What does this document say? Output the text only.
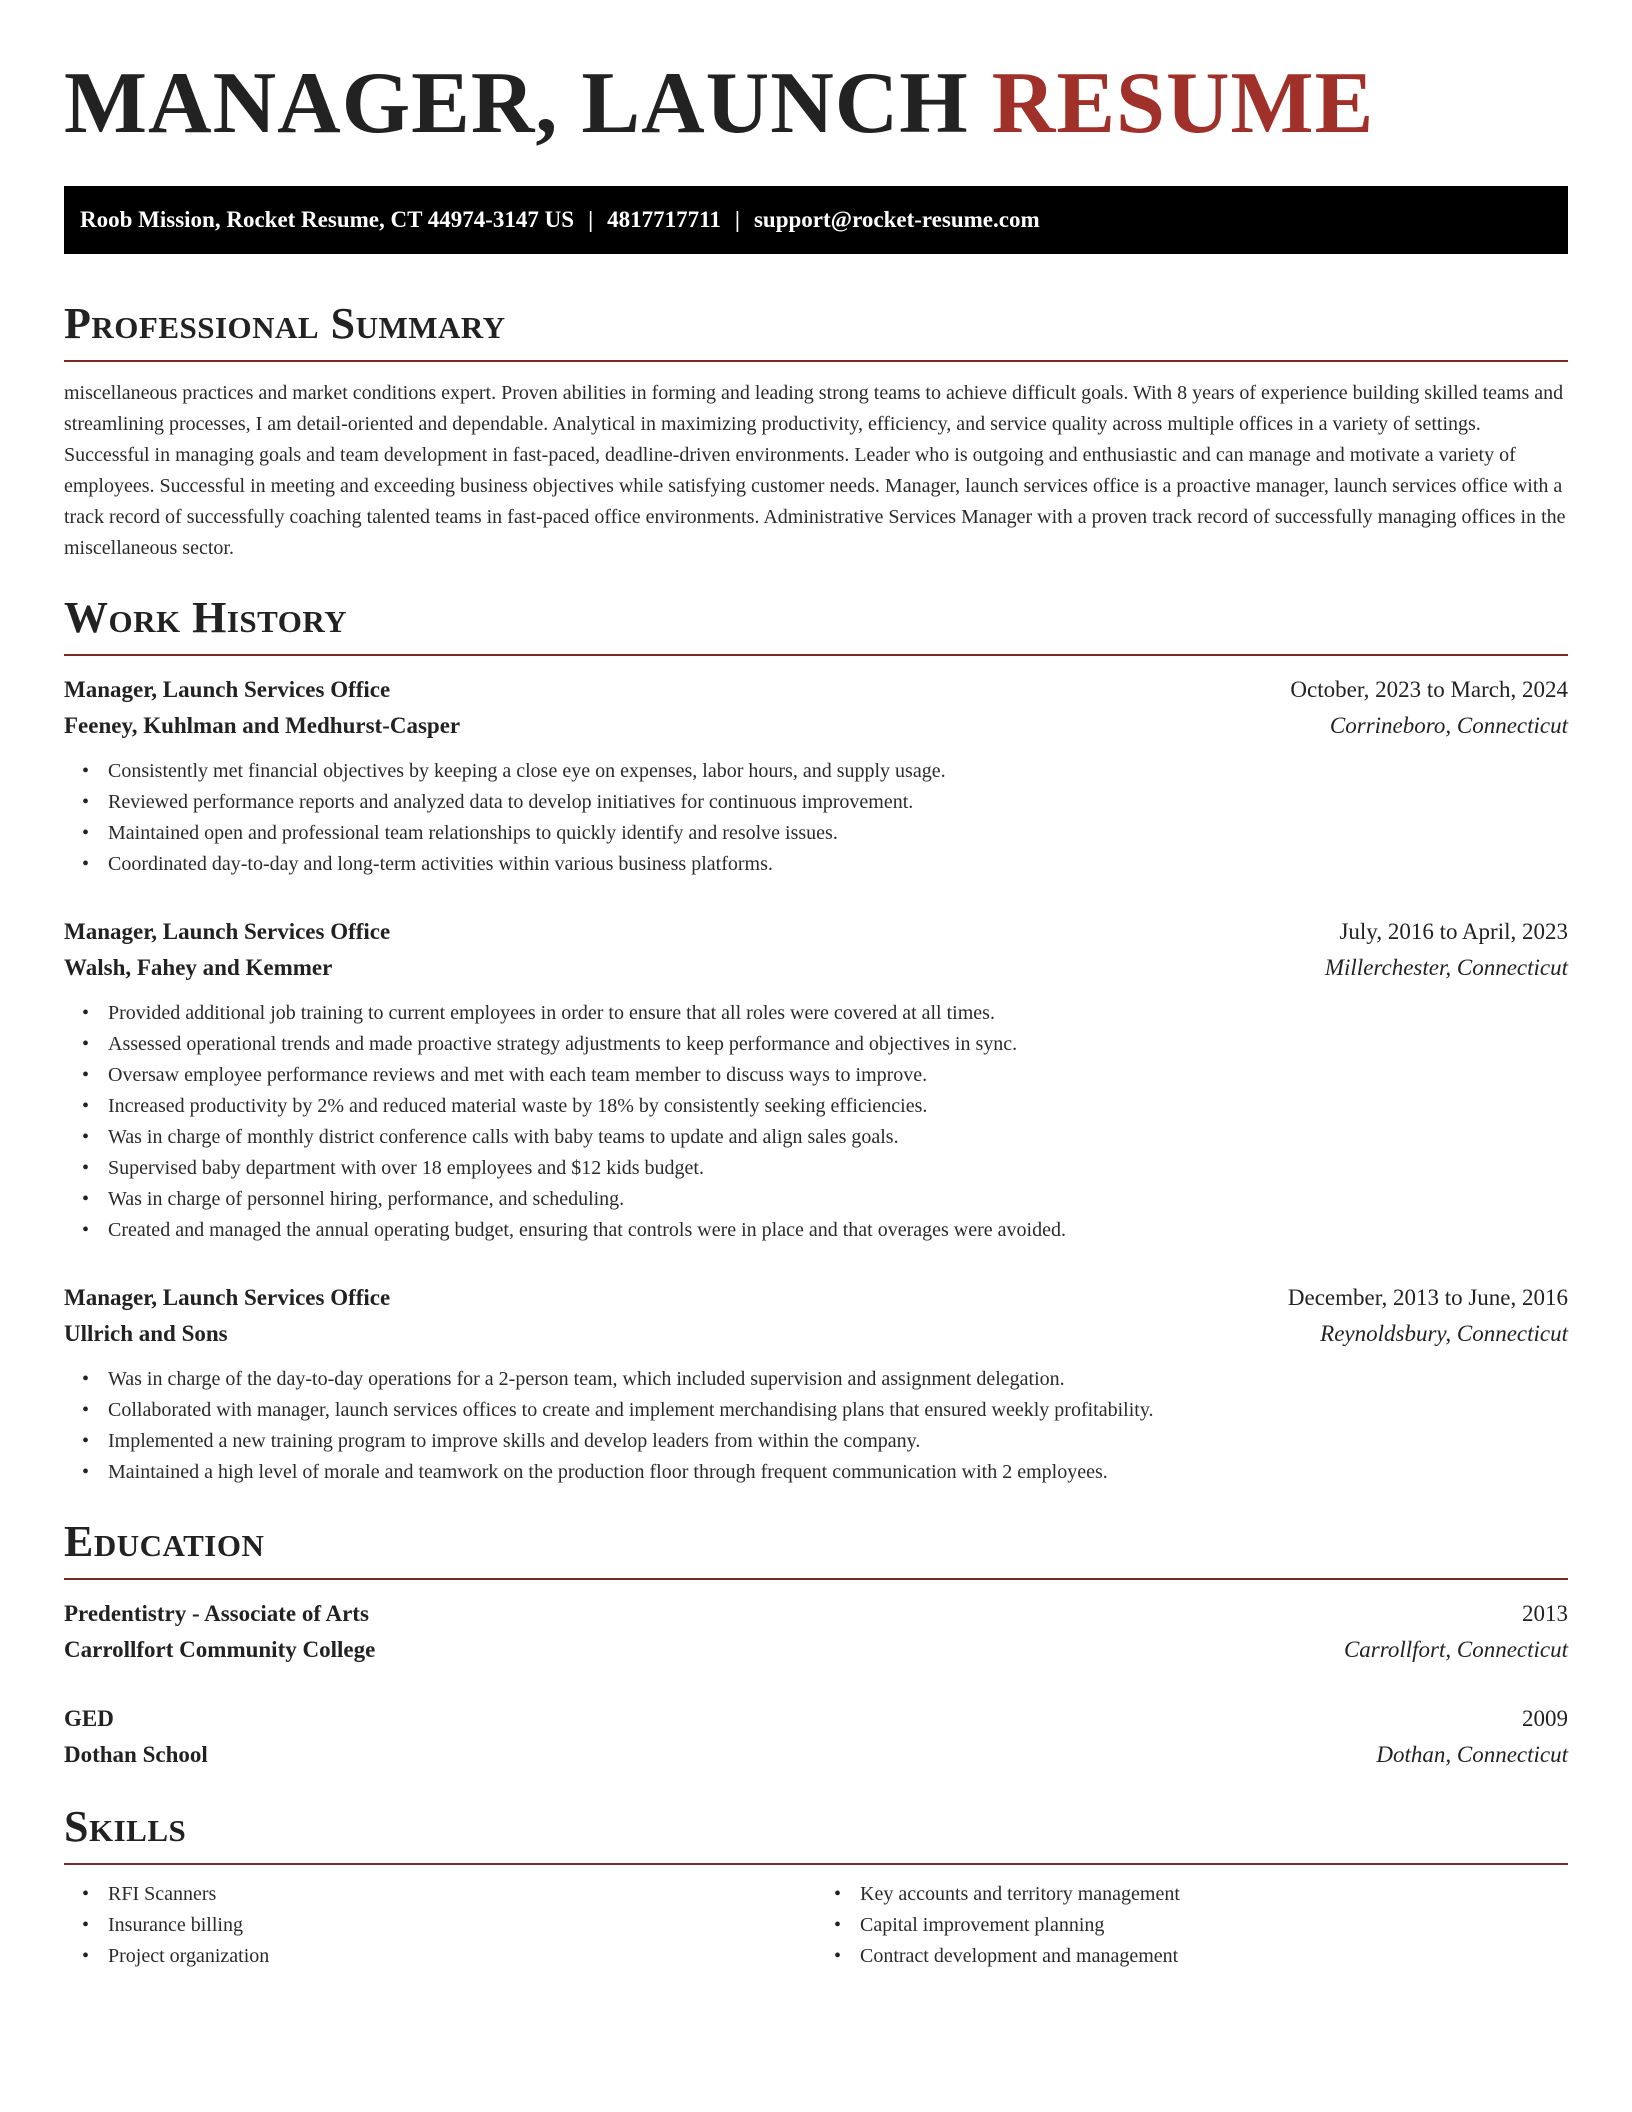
MANAGER, LAUNCH RESUME
Roob Mission, Rocket Resume, CT 44974-3147 US | 4817717711 | support@rocket-resume.com
Professional Summary

miscellaneous practices and market conditions expert. Proven abilities in forming and leading strong teams to achieve difficult goals. With 8 years of experience building skilled teams and streamlining processes, I am detail-oriented and dependable. Analytical in maximizing productivity, efficiency, and service quality across multiple offices in a variety of settings. Successful in managing goals and team development in fast-paced, deadline-driven environments. Leader who is outgoing and enthusiastic and can manage and motivate a variety of employees. Successful in meeting and exceeding business objectives while satisfying customer needs. Manager, launch services office is a proactive manager, launch services office with a track record of successfully coaching talented teams in fast-paced office environments. Administrative Services Manager with a proven track record of successfully managing offices in the miscellaneous sector.

Work History
Manager, Launch Services Office	October, 2023 to March, 2024
Feeney, Kuhlman and Medhurst-Casper	Corrineboro, Connecticut
• Consistently met financial objectives by keeping a close eye on expenses, labor hours, and supply usage.
• Reviewed performance reports and analyzed data to develop initiatives for continuous improvement.
• Maintained open and professional team relationships to quickly identify and resolve issues.
• Coordinated day-to-day and long-term activities within various business platforms.
Manager, Launch Services Office	July, 2016 to April, 2023
Walsh, Fahey and Kemmer	Millerchester, Connecticut
• Provided additional job training to current employees in order to ensure that all roles were covered at all times.
• Assessed operational trends and made proactive strategy adjustments to keep performance and objectives in sync.
• Oversaw employee performance reviews and met with each team member to discuss ways to improve.
• Increased productivity by 2% and reduced material waste by 18% by consistently seeking efficiencies.
• Was in charge of monthly district conference calls with baby teams to update and align sales goals.
• Supervised baby department with over 18 employees and $12 kids budget.
• Was in charge of personnel hiring, performance, and scheduling.
• Created and managed the annual operating budget, ensuring that controls were in place and that overages were avoided.
Manager, Launch Services Office	December, 2013 to June, 2016
Ullrich and Sons	Reynoldsbury, Connecticut
• Was in charge of the day-to-day operations for a 2-person team, which included supervision and assignment delegation.
• Collaborated with manager, launch services offices to create and implement merchandising plans that ensured weekly profitability.
• Implemented a new training program to improve skills and develop leaders from within the company.
• Maintained a high level of morale and teamwork on the production floor through frequent communication with 2 employees.
Education
Predentistry - Associate of Arts	2013
Carrollfort Community College	Carrollfort, Connecticut
GED	2009
Dothan School	Dothan, Connecticut
Skills
• RFI Scanners
• Insurance billing
• Project organization
• Key accounts and territory management
• Capital improvement planning
• Contract development and management
